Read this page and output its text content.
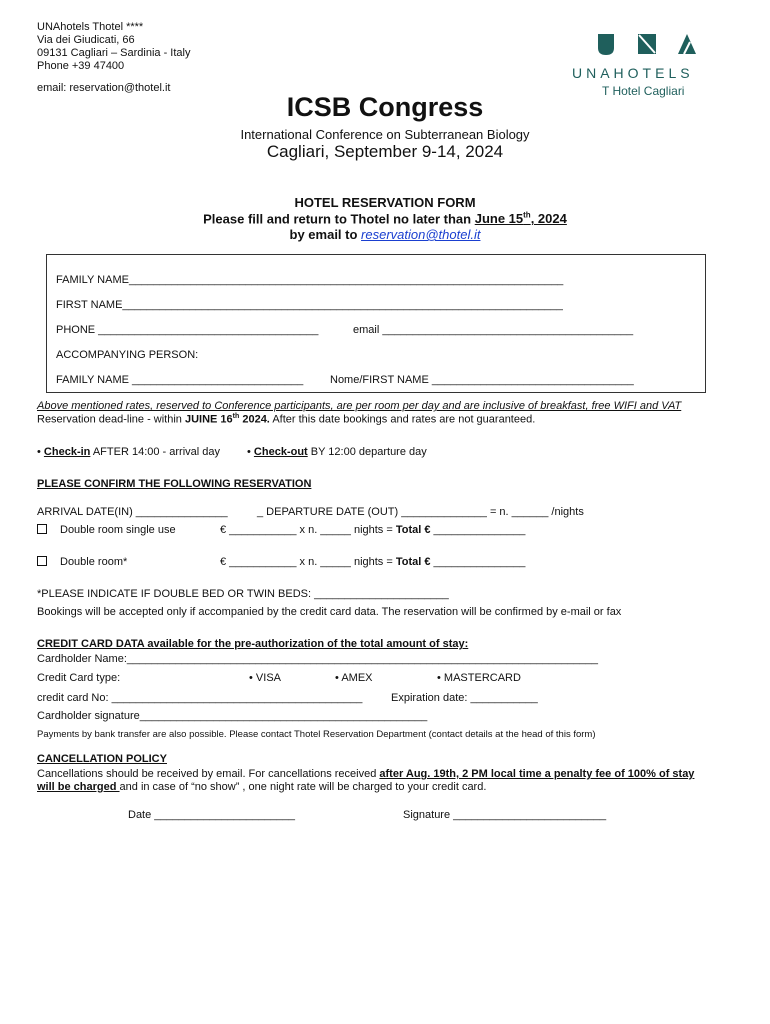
UNAhotels Thotel ****
Via dei Giudicati, 66
09131 Cagliari – Sardinia - Italy
Phone +39 47400
email: reservation@thotel.it
UNAHOTELS
T Hotel Cagliari
ICSB Congress
International Conference on Subterranean Biology
Cagliari, September 9-14, 2024
HOTEL RESERVATION FORM
Please fill and return to Thotel no later than June 15th, 2024
by email to reservation@thotel.it
FAMILY NAME_______________________________________________________________________
FIRST NAME________________________________________________________________________
PHONE ____________________________________	email _________________________________________
ACCOMPANYING PERSON:
FAMILY NAME ____________________________ Nome/FIRST NAME _________________________________
Above mentioned rates, reserved to Conference participants, are per room per day and are inclusive of breakfast, free WIFI and VAT
Reservation dead-line - within JUINE 16th 2024. After this date bookings and rates are not guaranteed.
• Check-in AFTER 14:00 - arrival day • Check-out BY 12:00 departure day
PLEASE CONFIRM THE FOLLOWING RESERVATION
ARRIVAL DATE(IN) _______________	_ DEPARTURE DATE (OUT) ______________ = n. ______ /nights
Double room single use	€ ___________ x n. _____ nights = Total € _______________
Double room*	€ ___________ x n. _____ nights = Total € _______________
*PLEASE INDICATE IF DOUBLE BED OR TWIN BEDS: ______________________
Bookings will be accepted only if accompanied by the credit card data. The reservation will be confirmed by e-mail or fax
CREDIT CARD DATA available for the pre-authorization of the total amount of stay:
Cardholder Name:_____________________________________________________________________________
Credit Card type:	• VISA	• AMEX	• MASTERCARD
credit card No: _________________________________________	Expiration date: ___________
Cardholder signature_______________________________________________
Payments by bank transfer are also possible. Please contact Thotel Reservation Department (contact details at the head of this form)
CANCELLATION POLICY
Cancellations should be received by email. For cancellations received after Aug. 19th, 2 PM local time a penalty fee of 100% of stay
will be charged and in case of “no show” , one night rate will be charged to your credit card.
Date _______________________	Signature _________________________
